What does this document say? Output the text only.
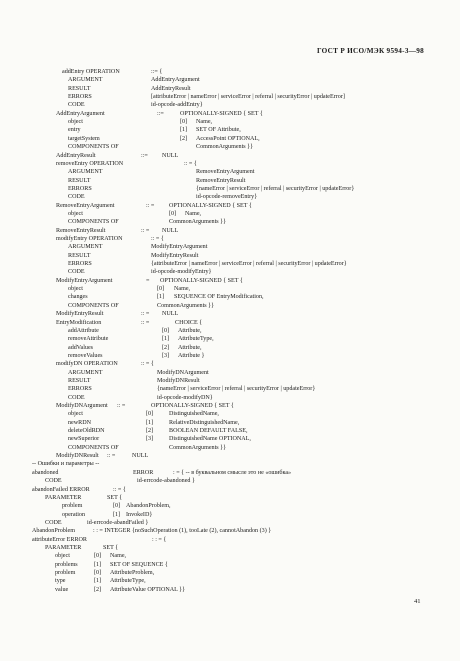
ГОСТ Р ИСО/МЭК 9594-3—98
addEntry OPERATION	::= {
ARGUMENT	AddEntryArgument
RESULT	AddEntryResult
ERRORS	[attributeError | nameError | serviceError | referral | securityError | updateError]
CODE	id-opcode-addEntry}
AddEntryArgument	::=	OPTIONALLY-SIGNED { SET {
object	[0] Name,
entry	[1] SET OF Attribute,
targetSystem	[2] AccessPoint OPTIONAL,
COMPONENTS OF	CommonArguments }}
AddEntryResult	::= NULL
removeEntry OPERATION	:: = {
ARGUMENT	RemoveEntryArgument
RESULT	RemoveEntryResult
ERRORS	{nameError | serviceError | referral | securityError | updateError}
CODE	id-opcode-removeEntry}
RemoveEntryArgument	:: = OPTIONALLY-SIGNED { SET {
object	[0] Name,
COMPONENTS OF	CommonArguments }}
RemoveEntryResult	:: = NULL
modifyEntry OPERATION	:: = {
ARGUMENT	ModifyEntryArgument
RESULT	ModifyEntryResult
ERRORS	{attributeError | nameError | serviceError | referral | securityError | updateError}
CODE	id-opcode-modifyEntry}
ModifyEntryArgument	= OPTIONALLY-SIGNED { SET {
object	[0] Name,
changes	[1] SEQUENCE OF EntryModification,
COMPONENTS OF	CommonArguments }}
ModifyEntryResult	:: = NULL
EntryModification	:: =	CHOICE {
addAttribute	[0] Attribute,
removeAttribute	[1] AttributeType,
addValues	[2] Attribute,
removeValues	[3] Attribute }
modifyDN OPERATION	:: = {
ARGUMENT	ModifyDNArgument
RESULT	ModifyDNResult
ERRORS	{nameError | serviceError | referral | securityError | updateError}
CODE	id-opcode-modifyDN}
ModifyDNArgument :: =	OPTIONALLY-SIGNED { SET {
object	[0]	DistinguishedName,
newRDN	[1]	RelativeDistinguishedName,
deleteOldRDN	[2]	BOOLEAN DEFAULT FALSE,
newSuperior	[3]	DistinguishedName OPTIONAL,
COMPONENTS OF	CommonArguments }}
ModifyDNResult :: =	NULL
-- Ошибки и параметры --
abandoned	ERROR	: = { -- в буквальном смысле это не «ошибка»
CODE	id-errcode-abandoned }
abandonFailed ERROR	:: = {
PARAMETER	SET {
problem	[0] AbandonProblem,
operation	[1] InvokeID}
CODE	id-errcode-abandFailed }
AbandonProblem	: : = INTEGER {noSuchOperation (1), tooLate (2), cannotAbandon (3) }
attributeError ERROR	: : = {
PARAMETER	SET {
object	[0] Name,
problems	[1] SET OF SEQUENCE {
problem	[0] AttributeProblem,
type	[1] AttributeType,
value	[2] AttributeValue OPTIONAL }}
41
